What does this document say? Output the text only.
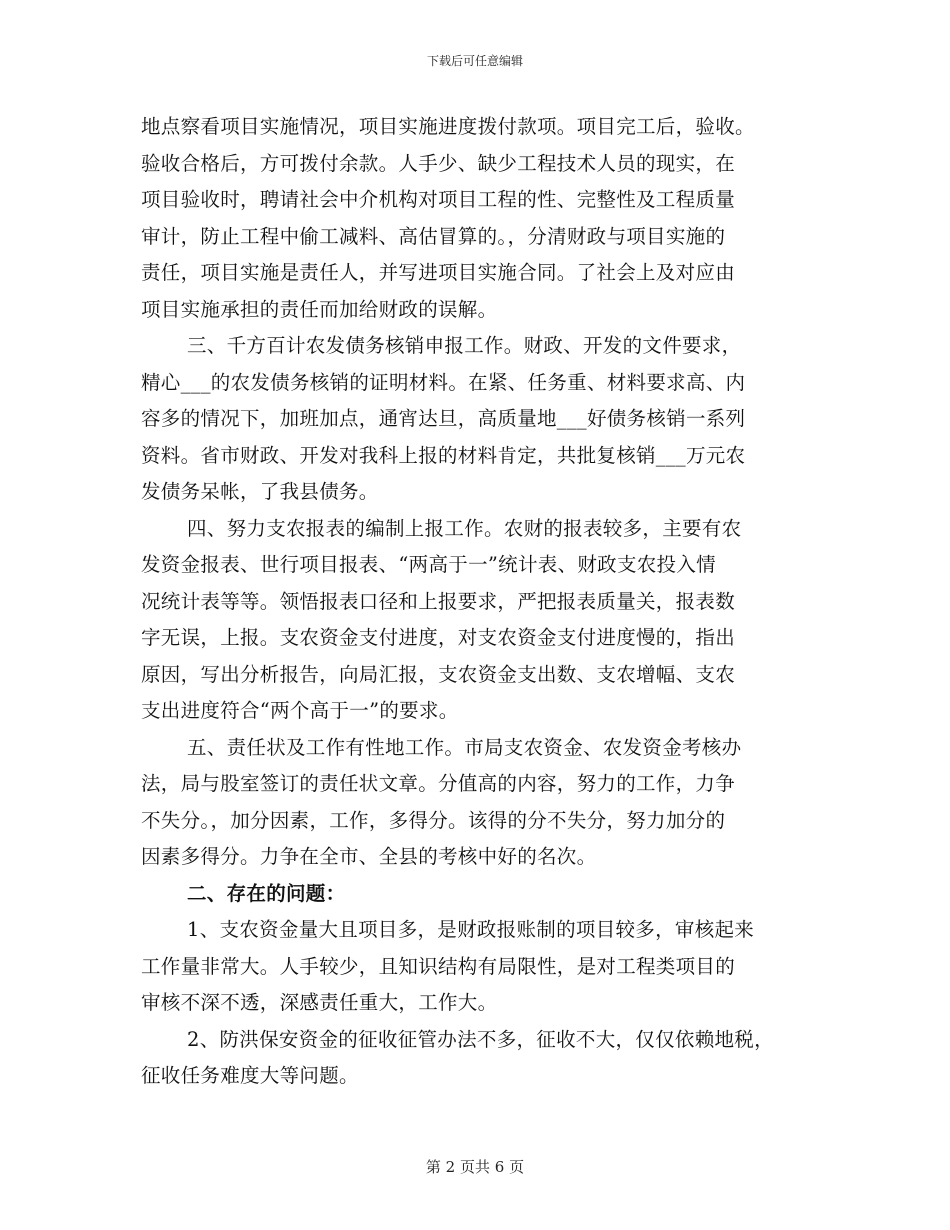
下载后可任意编辑
地点察看项目实施情况，项目实施进度拨付款项。项目完工后，验收。
验收合格后，方可拨付余款。人手少、缺少工程技术人员的现实，在
项目验收时，聘请社会中介机构对项目工程的性、完整性及工程质量
审计，防止工程中偷工减料、高估冒算的。，分清财政与项目实施的
责任，项目实施是责任人，并写进项目实施合同。了社会上及对应由
项目实施承担的责任而加给财政的误解。
三、千方百计农发债务核销申报工作。财政、开发的文件要求，
精心___的农发债务核销的证明材料。在紧、任务重、材料要求高、内
容多的情况下，加班加点，通宵达旦，高质量地___好债务核销一系列
资料。省市财政、开发对我科上报的材料肯定，共批复核销___万元农
发债务呆帐，了我县债务。
四、努力支农报表的编制上报工作。农财的报表较多，主要有农
发资金报表、世行项目报表、“两高于一”统计表、财政支农投入情
况统计表等等。领悟报表口径和上报要求，严把报表质量关，报表数
字无误，上报。支农资金支付进度，对支农资金支付进度慢的，指出
原因，写出分析报告，向局汇报，支农资金支出数、支农增幅、支农
支出进度符合“两个高于一”的要求。
五、责任状及工作有性地工作。市局支农资金、农发资金考核办
法，局与股室签订的责任状文章。分值高的内容，努力的工作，力争
不失分。，加分因素，工作，多得分。该得的分不失分，努力加分的
因素多得分。力争在全市、全县的考核中好的名次。
二、存在的问题：
1、支农资金量大且项目多，是财政报账制的项目较多，审核起来
工作量非常大。人手较少，且知识结构有局限性，是对工程类项目的
审核不深不透，深感责任重大，工作大。
2、防洪保安资金的征收征管办法不多，征收不大，仅仅依赖地税，
征收任务难度大等问题。
第 2 页共 6 页
